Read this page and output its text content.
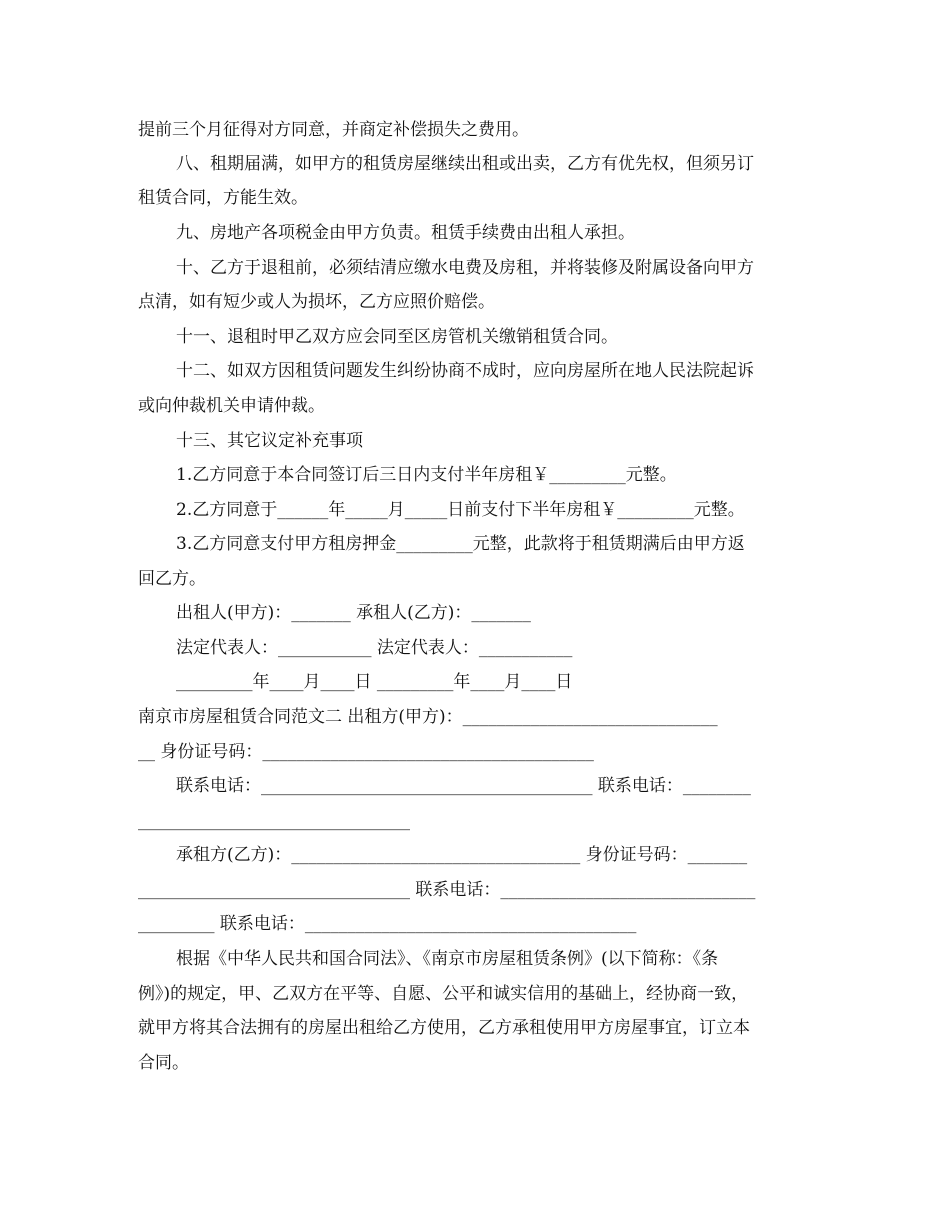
提前三个月征得对方同意，并商定补偿损失之费用。
八、租期届满，如甲方的租赁房屋继续出租或出卖，乙方有优先权，但须另订
租赁合同，方能生效。
九、房地产各项税金由甲方负责。租赁手续费由出租人承担。
十、乙方于退租前，必须结清应缴水电费及房租，并将装修及附属设备向甲方
点清，如有短少或人为损坏，乙方应照价赔偿。
十一、退租时甲乙双方应会同至区房管机关缴销租赁合同。
十二、如双方因租赁问题发生纠纷协商不成时，应向房屋所在地人民法院起诉
或向仲裁机关申请仲裁。
十三、其它议定补充事项
1.乙方同意于本合同签订后三日内支付半年房租￥_________元整。
2.乙方同意于______年_____月_____日前支付下半年房租￥_________元整。
3.乙方同意支付甲方租房押金_________元整，此款将于租赁期满后由甲方返
回乙方。
出租人(甲方)：_______ 承租人(乙方)：_______
法定代表人：___________ 法定代表人：___________
_________年____月____日 _________年____月____日
南京市房屋租赁合同范文二 出租方(甲方)：______________________________
__ 身份证号码：_______________________________________
联系电话：_______________________________________ 联系电话：________
________________________________
承租方(乙方)：__________________________________ 身份证号码：_______
________________________________ 联系电话：______________________________
_________ 联系电话：_______________________________________
根据《中华人民共和国合同法》、《南京市房屋租赁条例》(以下简称：《条
例》)的规定，甲、乙双方在平等、自愿、公平和诚实信用的基础上，经协商一致，
就甲方将其合法拥有的房屋出租给乙方使用，乙方承租使用甲方房屋事宜，订立本
合同。
